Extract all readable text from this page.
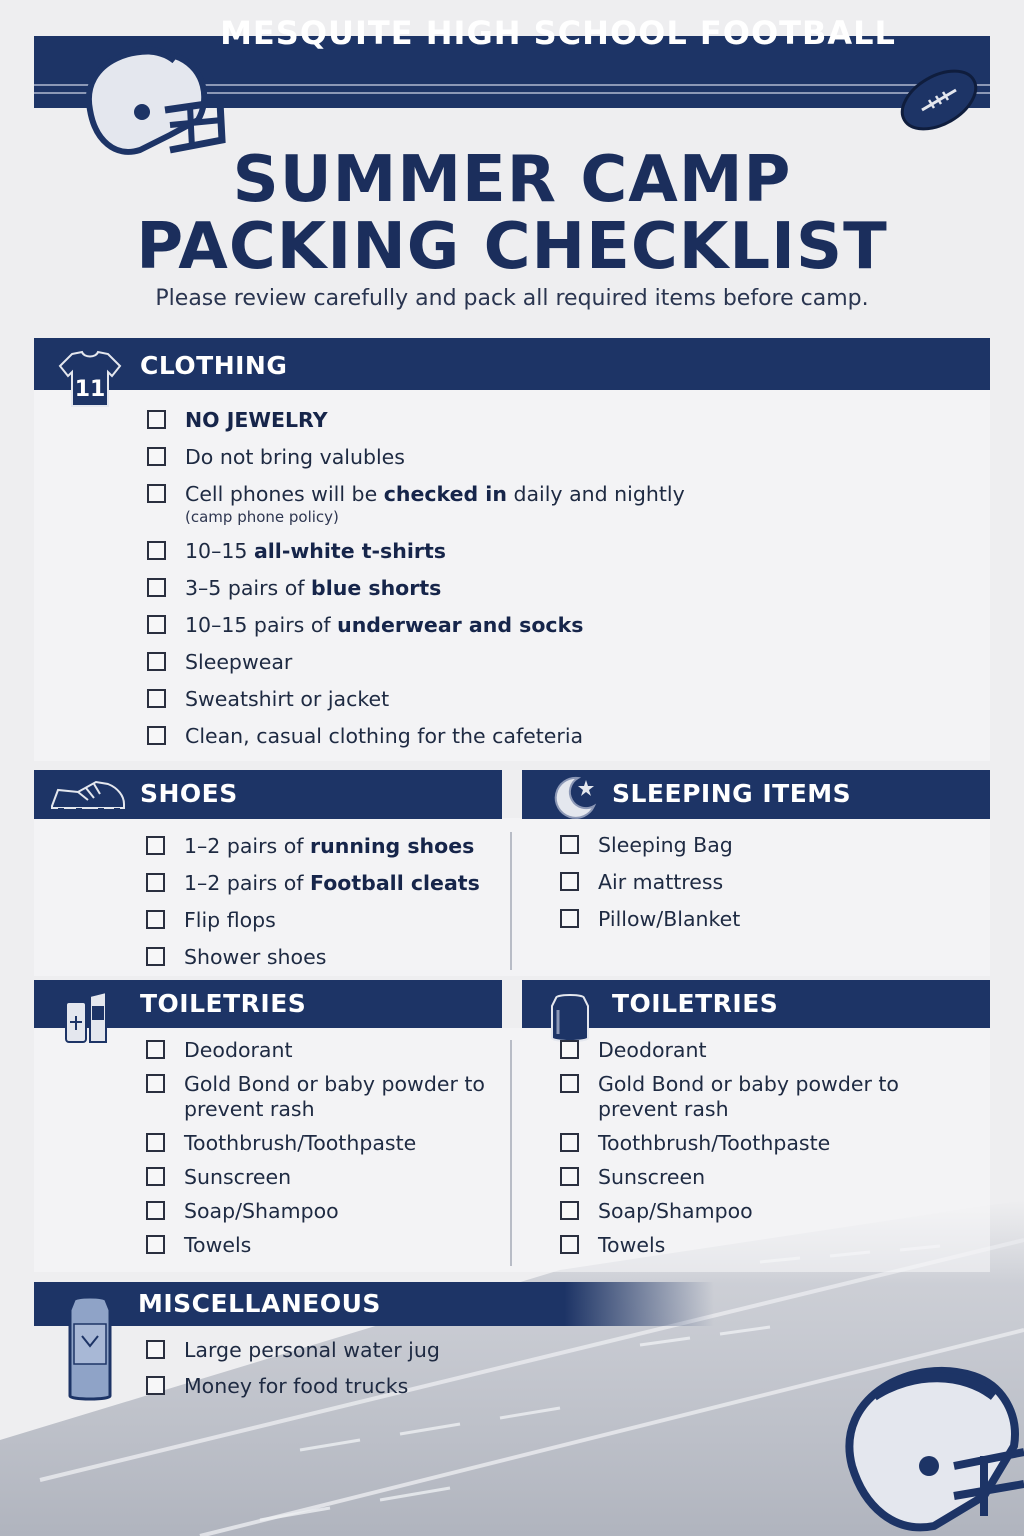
MESQUITE HIGH SCHOOL FOOTBALL
SUMMER CAMP
PACKING CHECKLIST
Please review carefully and pack all required items before camp.
CLOTHING
11
NO JEWELRY
Do not bring valubles
Cell phones will be checked in daily and nightly
(camp phone policy)
10–15 all-white t-shirts
3–5 pairs of blue shorts
10–15 pairs of underwear and socks
Sleepwear
Sweatshirt or jacket
Clean, casual clothing for the cafeteria
SHOES
1–2 pairs of running shoes
1–2 pairs of Football cleats
Flip flops
Shower shoes
SLEEPING ITEMS
Sleeping Bag
Air mattress
Pillow/Blanket
TOILETRIES
Deodorant
Gold Bond or baby powder to prevent rash
Toothbrush/Toothpaste
Sunscreen
Soap/Shampoo
Towels
TOILETRIES
Deodorant
Gold Bond or baby powder to prevent rash
Toothbrush/Toothpaste
Sunscreen
Soap/Shampoo
Towels
MISCELLANEOUS
Large personal water jug
Money for food trucks
